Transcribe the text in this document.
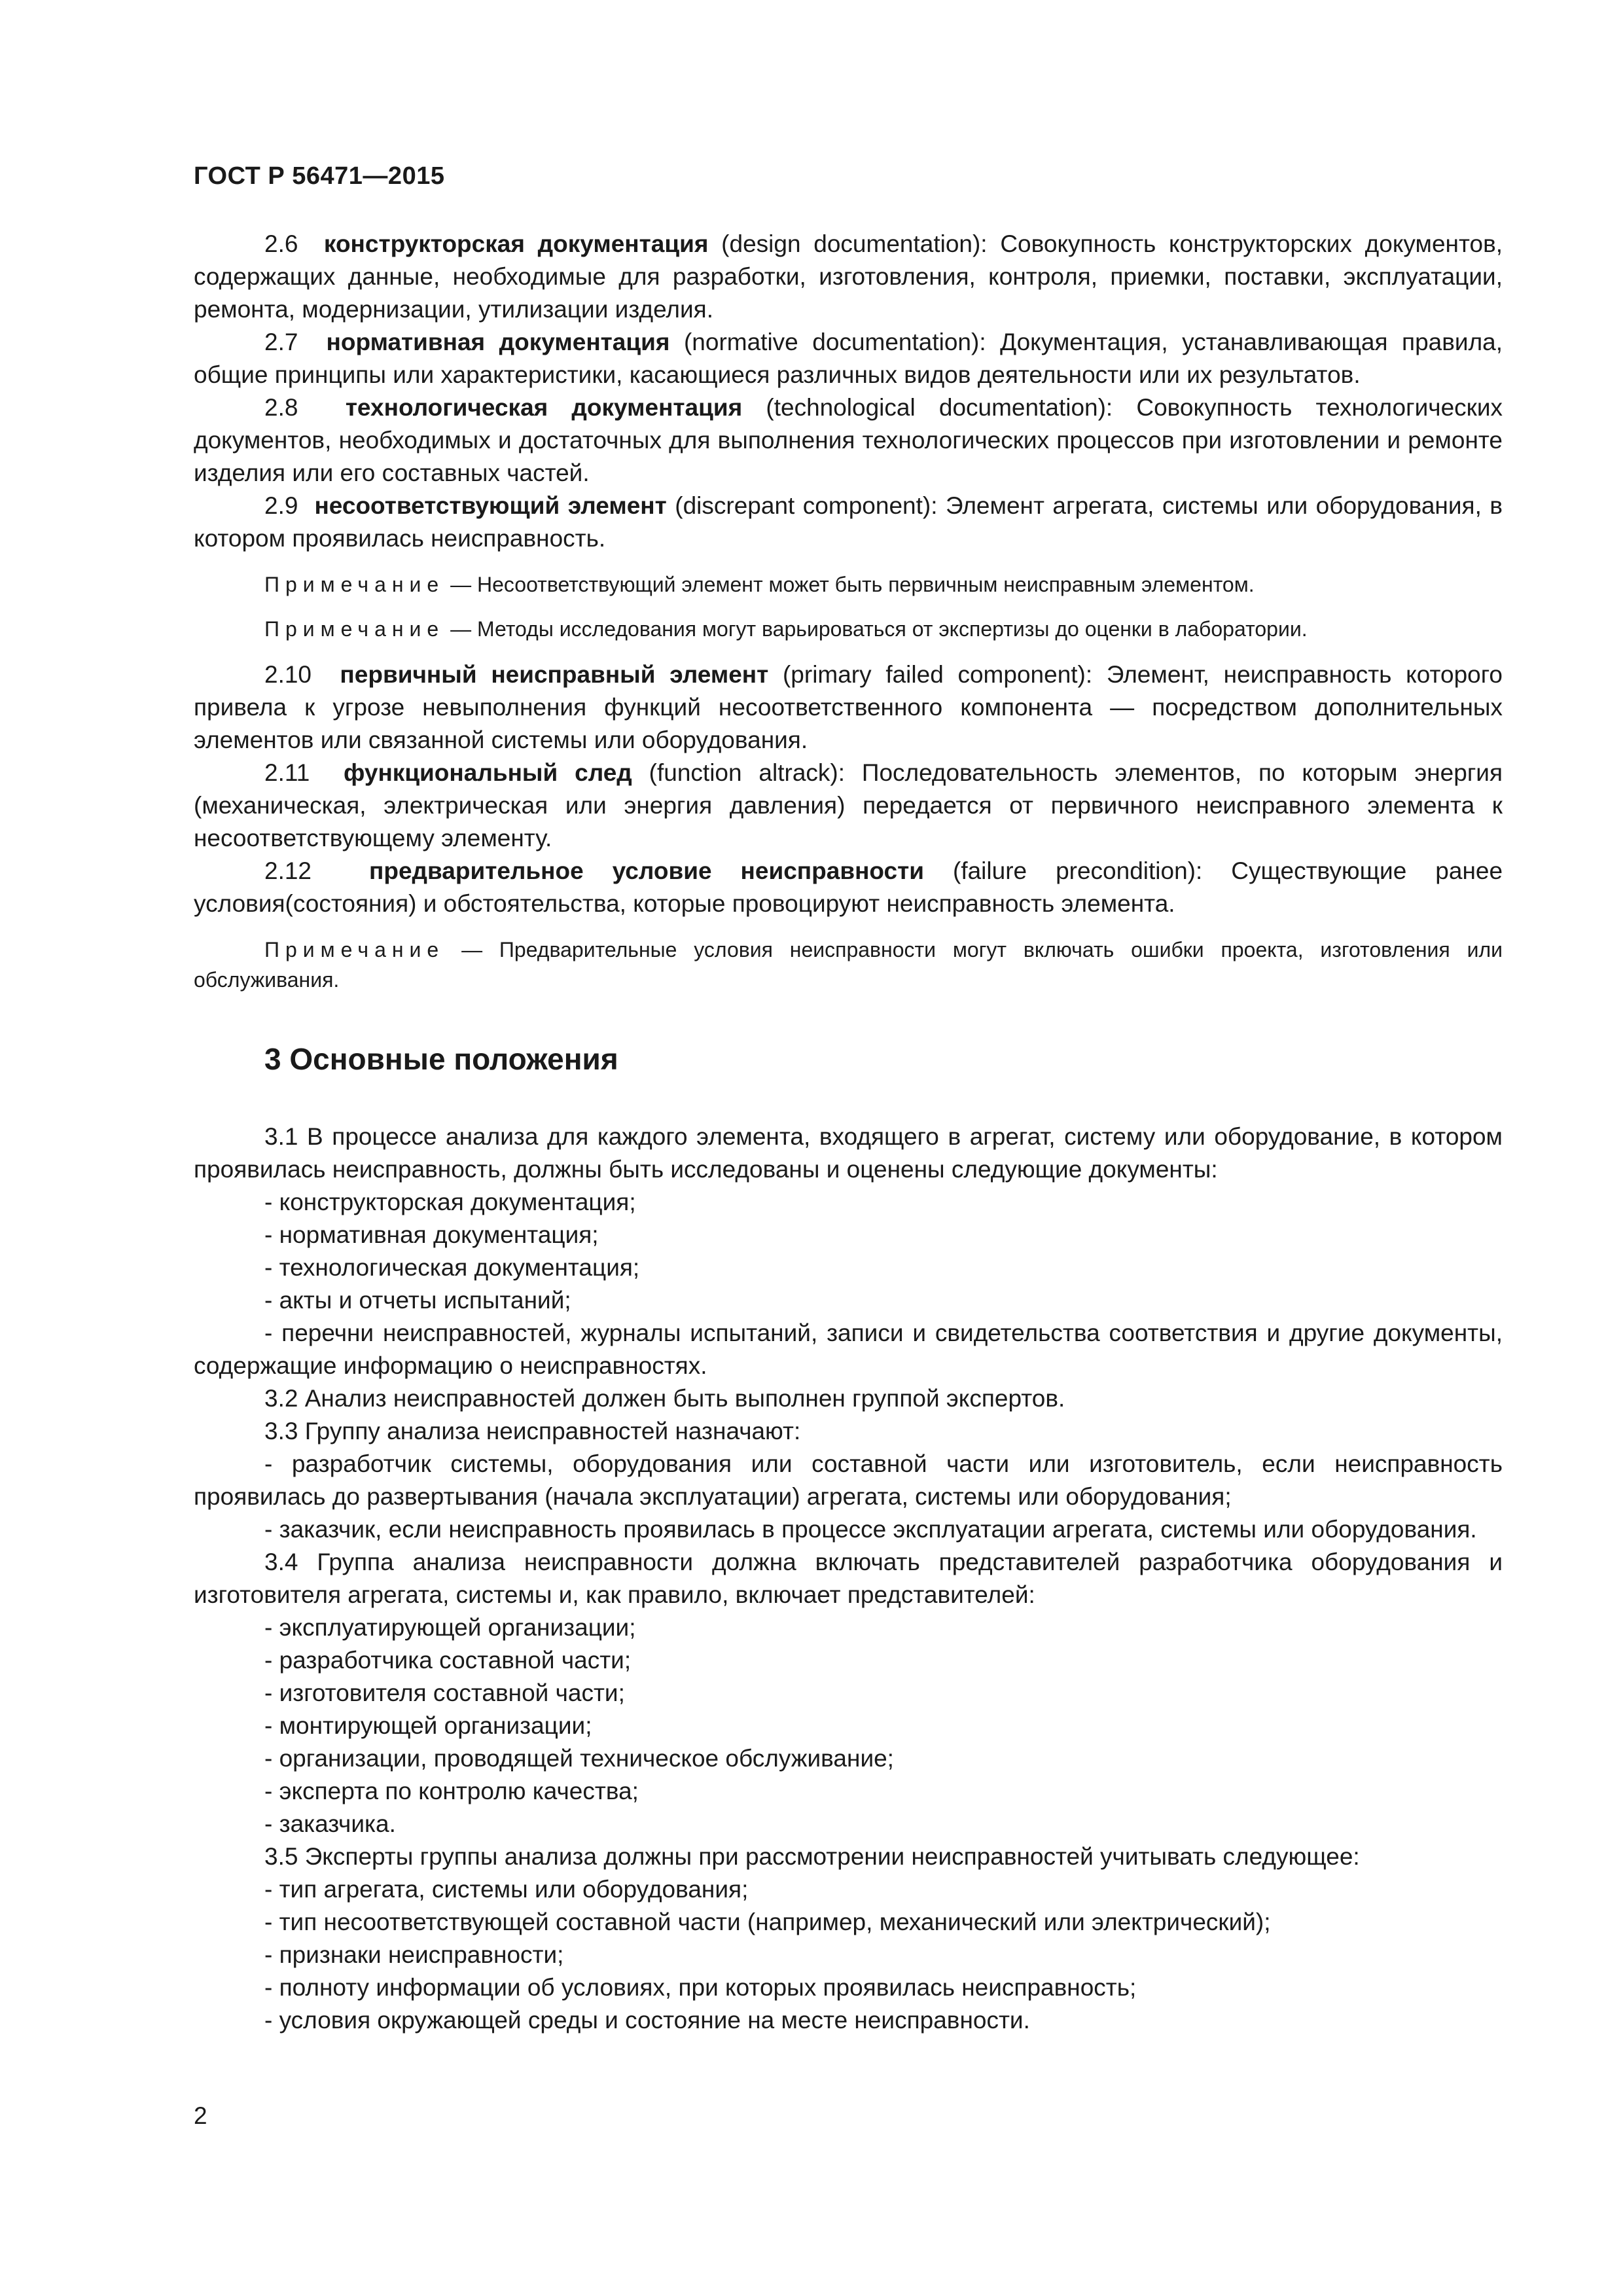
ГОСТ Р 56471—2015

2.6 конструкторская документация (design documentation): Совокупность конструкторских документов, содержащих данные, необходимые для разработки, изготовления, контроля, приемки, поставки, эксплуатации, ремонта, модернизации, утилизации изделия.

2.7 нормативная документация (normative documentation): Документация, устанавливающая правила, общие принципы или характеристики, касающиеся различных видов деятельности или их результатов.

2.8 технологическая документация (technological documentation): Совокупность технологических документов, необходимых и достаточных для выполнения технологических процессов при изготовлении и ремонте изделия или его составных частей.

2.9 несоответствующий элемент (discrepant component): Элемент агрегата, системы или оборудования, в котором проявилась неисправность.

Примечание — Несоответствующий элемент может быть первичным неисправным элементом.

Примечание — Методы исследования могут варьироваться от экспертизы до оценки в лаборатории.

2.10 первичный неисправный элемент (primary failed component): Элемент, неисправность которого привела к угрозе невыполнения функций несоответственного компонента — посредством дополнительных элементов или связанной системы или оборудования.

2.11 функциональный след (function altrack): Последовательность элементов, по которым энергия (механическая, электрическая или энергия давления) передается от первичного неисправного элемента к несоответствующему элементу.

2.12 предварительное условие неисправности (failure precondition): Существующие ранее условия(состояния) и обстоятельства, которые провоцируют неисправность элемента.

Примечание — Предварительные условия неисправности могут включать ошибки проекта, изготовления или обслуживания.

3 Основные положения

3.1 В процессе анализа для каждого элемента, входящего в агрегат, систему или оборудование, в котором проявилась неисправность, должны быть исследованы и оценены следующие документы:

- конструкторская документация;

- нормативная документация;

- технологическая документация;

- акты и отчеты испытаний;

- перечни неисправностей, журналы испытаний, записи и свидетельства соответствия и другие документы, содержащие информацию о неисправностях.

3.2 Анализ неисправностей должен быть выполнен группой экспертов.

3.3 Группу анализа неисправностей назначают:

- разработчик системы, оборудования или составной части или изготовитель, если неисправность проявилась до развертывания (начала эксплуатации) агрегата, системы или оборудования;

- заказчик, если неисправность проявилась в процессе эксплуатации агрегата, системы или оборудования.

3.4 Группа анализа неисправности должна включать представителей разработчика оборудования и изготовителя агрегата, системы и, как правило, включает представителей:

- эксплуатирующей организации;

- разработчика составной части;

- изготовителя составной части;

- монтирующей организации;

- организации, проводящей техническое обслуживание;

- эксперта по контролю качества;

- заказчика.

3.5 Эксперты группы анализа должны при рассмотрении неисправностей учитывать следующее:

- тип агрегата, системы или оборудования;

- тип несоответствующей составной части (например, механический или электрический);

- признаки неисправности;

- полноту информации об условиях, при которых проявилась неисправность;

- условия окружающей среды и состояние на месте неисправности.

2
